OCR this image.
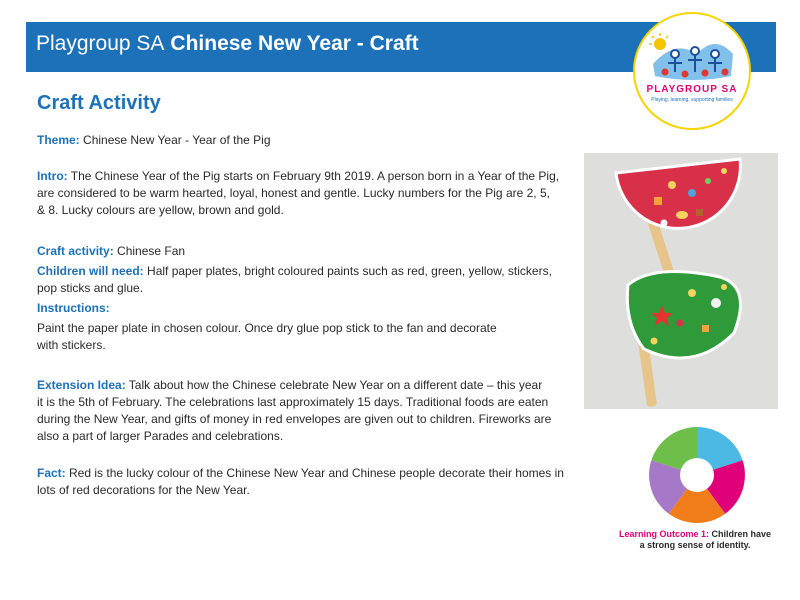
Playgroup SA Chinese New Year - Craft
PLAYGROUP SA
Playing, learning, supporting families
Craft Activity
Theme: Chinese New Year - Year of the Pig
Intro: The Chinese Year of the Pig starts on February 9th 2019. A person born in a Year of the Pig,
are considered to be warm hearted, loyal, honest and gentle. Lucky numbers for the Pig are 2, 5,
& 8. Lucky colours are yellow, brown and gold.
Craft activity: Chinese Fan
Children will need: Half paper plates, bright coloured paints such as red, green, yellow, stickers,
pop sticks and glue.
Instructions:
Paint the paper plate in chosen colour. Once dry glue pop stick to the fan and decorate
with stickers.
Extension Idea: Talk about how the Chinese celebrate New Year on a different date – this year
it is the 5th of February. The celebrations last approximately 15 days. Traditional foods are eaten
during the New Year, and gifts of money in red envelopes are given out to children. Fireworks are
also a part of larger Parades and celebrations.
Fact: Red is the lucky colour of the Chinese New Year and Chinese people decorate their homes in
lots of red decorations for the New Year.
Learning Outcome 1: Children have
a strong sense of identity.
